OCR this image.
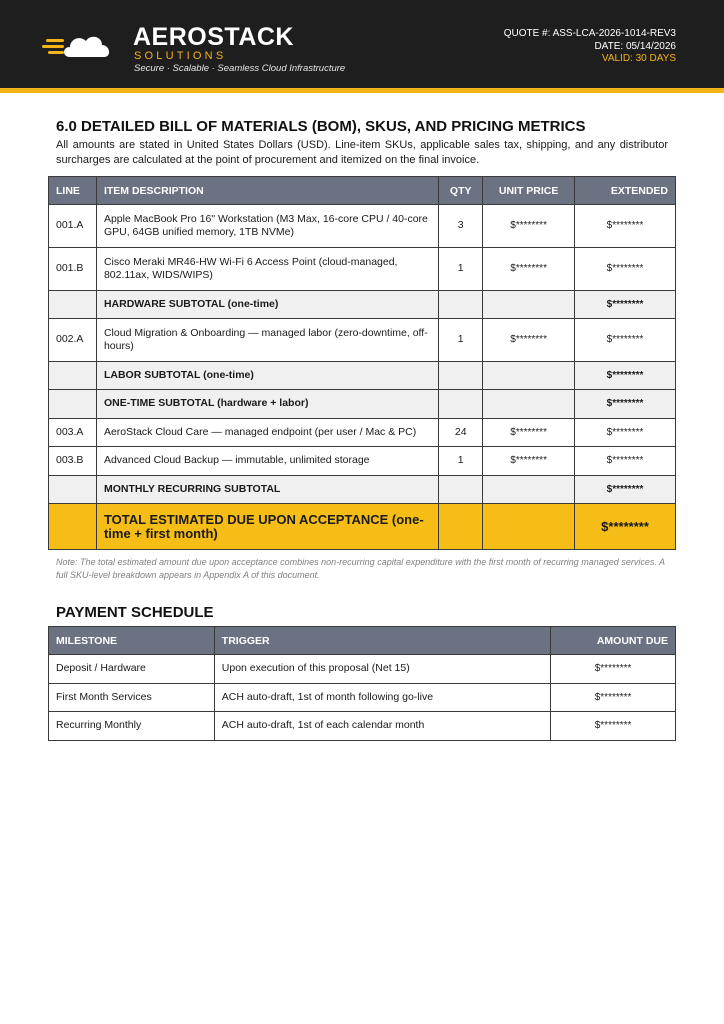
AEROSTACK
SOLUTIONS
Secure · Scalable · Seamless Cloud Infrastructure
QUOTE #: ASS-LCA-2026-1014-REV3
DATE: 05/14/2026
VALID: 30 DAYS
6.0 DETAILED BILL OF MATERIALS (BOM), SKUS, AND PRICING METRICS
All amounts are stated in United States Dollars (USD). Line-item SKUs, applicable sales tax, shipping, and any distributor surcharges are calculated at the point of procurement and itemized on the final invoice.
LINE	ITEM DESCRIPTION	QTY	UNIT PRICE	EXTENDED
001.A	Apple MacBook Pro 16" Workstation (M3 Max, 16-core CPU / 40-core GPU, 64GB unified memory, 1TB NVMe)	3	$********	$********
001.B	Cisco Meraki MR46-HW Wi-Fi 6 Access Point (cloud-managed, 802.11ax, WIDS/WIPS)	1	$********	$********
	HARDWARE SUBTOTAL (one-time)			$********
002.A	Cloud Migration & Onboarding — managed labor (zero-downtime, off-hours)	1	$********	$********
	LABOR SUBTOTAL (one-time)			$********
	ONE-TIME SUBTOTAL (hardware + labor)			$********
003.A	AeroStack Cloud Care — managed endpoint (per user / Mac & PC)	24	$********	$********
003.B	Advanced Cloud Backup — immutable, unlimited storage	1	$********	$********
	MONTHLY RECURRING SUBTOTAL			$********
	TOTAL ESTIMATED DUE UPON ACCEPTANCE (one-time + first month)			$********
Note: The total estimated amount due upon acceptance combines non-recurring capital expenditure with the first month of recurring managed services. A full SKU-level breakdown appears in Appendix A of this document.
PAYMENT SCHEDULE
MILESTONE	TRIGGER	AMOUNT DUE
Deposit / Hardware	Upon execution of this proposal (Net 15)	$********
First Month Services	ACH auto-draft, 1st of month following go-live	$********
Recurring Monthly	ACH auto-draft, 1st of each calendar month	$********
